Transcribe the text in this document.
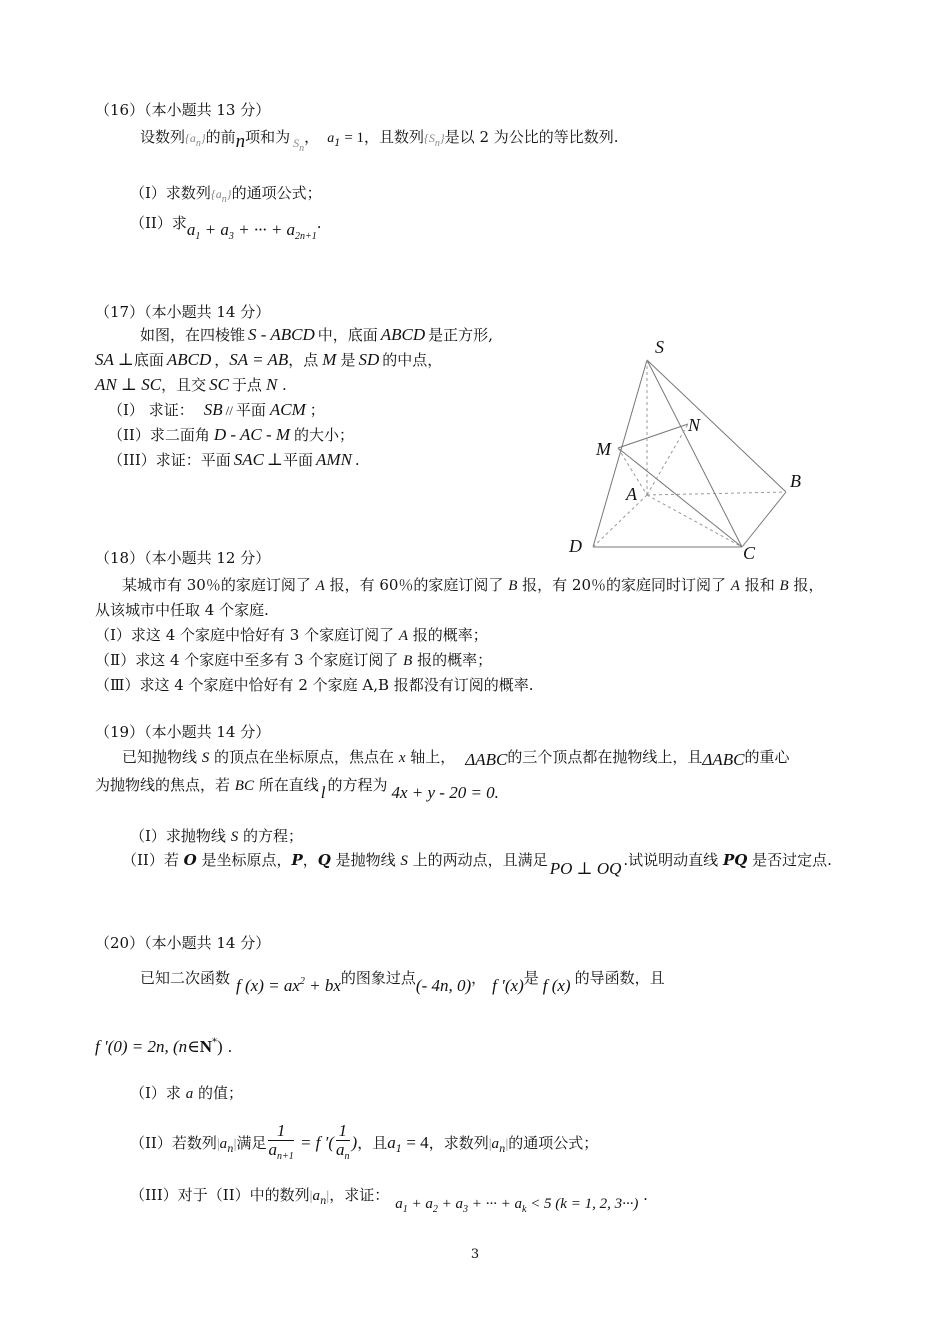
（16）（本小题共 13 分）
设数列$\{a_n\}$的前n项和为 $_{S_n}$， $a_1 = 1$，且数列$\{S_n\}$是以 2 为公比的等比数列.
（I）求数列$\{a_n\}$的通项公式；
（II）求$a_1 + a_3$ + ··· + $a_{2n+1}$.
（17）（本小题共 14 分）
如图，在四棱锥 S - ABCD 中，底面 ABCD 是正方形,
SA ⊥底面 ABCD ，SA = AB，点 M 是 SD 的中点，
AN ⊥ SC，且交 SC 于点 N .
（I） 求证： SB // 平面 ACM ；
（II）求二面角 D - AC - M 的大小；
（III）求证：平面 SAC ⊥平面 AMN .
S
N
M
A
B
D	C
（18）（本小题共 12 分）
某城市有 30％的家庭订阅了 A 报，有 60％的家庭订阅了 B 报，有 20％的家庭同时订阅了 A 报和 B 报，
从该城市中任取 4 个家庭.
（Ⅰ）求这 4 个家庭中恰好有 3 个家庭订阅了 A 报的概率；
（Ⅱ）求这 4 个家庭中至多有 3 个家庭订阅了 B 报的概率；
（Ⅲ）求这 4 个家庭中恰好有 2 个家庭 A,B 报都没有订阅的概率.
（19）（本小题共 14 分）
已知抛物线 S 的顶点在坐标原点，焦点在 x 轴上， ΔABC的三个顶点都在抛物线上，且ΔABC的重心
为抛物线的焦点，若 BC 所在直线 l 的方程为 4x + y - 20 = 0.
（I）求抛物线 S 的方程；
（II）若 O 是坐标原点，P，Q 是抛物线 S 上的两动点，且满足 PO ⊥ OQ .试说明动直线 PQ 是否过定点.
（20）（本小题共 14 分）
已知二次函数 f $(x) = ax^2$ + bx的图象过点(- 4n, 0)， f ′(x)是 f (x) 的导函数，且
f ′(0) = 2n, (n∈N*) .
（I）求 a 的值；
（II）若数列$|a_n|$满足 $\frac{1}{a_{n+1}} = f$ ′( $\frac{1}{a_n}$ )，且$a_1 = 4$，求数列$|a_n|$的通项公式；
（III）对于（II）中的数列$|a_n|$，求证： $a_1 + a_2 + a_3$ + ··· + $a_k < 5$ (k = 1, 2, 3···) .
3
